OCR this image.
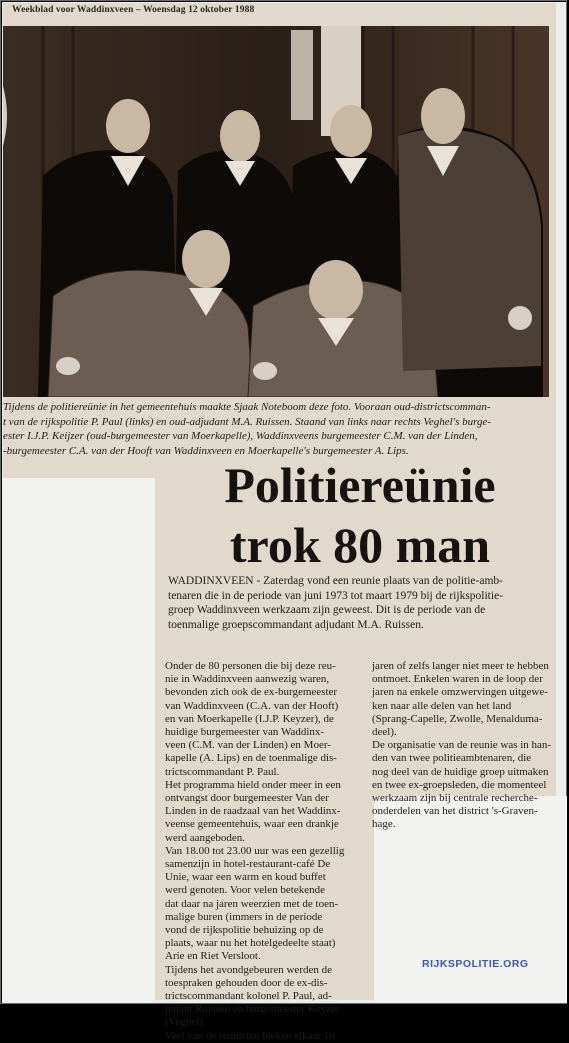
Weekblad voor Waddinxveen – Woensdag 12 oktober 1988
Tijdens de politiereünie in het gemeentehuis maakte Sjaak Noteboom deze foto. Vooraan oud-districtscomman-
t van de rijkspolitie P. Paul (links) en oud-adjudant M.A. Ruissen. Staand van links naar rechts Veghel's burge-
ester I.J.P. Keijzer (oud-burgemeester van Moerkapelle), Waddinxveens burgemeester C.M. van der Linden,
-burgemeester C.A. van der Hooft van Waddinxveen en Moerkapelle's burgemeester A. Lips.
Politiereünie
trok 80 man
WADDINXVEEN - Zaterdag vond een reunie plaats van de politie-amb-
tenaren die in de periode van juni 1973 tot maart 1979 bij de rijkspolitie-
groep Waddinxveen werkzaam zijn geweest. Dit is de periode van de
toenmalige groepscommandant adjudant M.A. Ruissen.
Onder de 80 personen die bij deze reu-
nie in Waddinxveen aanwezig waren,
bevonden zich ook de ex-burgemeester
van Waddinxveen (C.A. van der Hooft)
en van Moerkapelle (I.J.P. Keyzer), de
huidige burgemeester van Waddinx-
veen (C.M. van der Linden) en Moer-
kapelle (A. Lips) en de toenmalige dis-
trictscommandant P. Paul.
Het programma hield onder meer in een
ontvangst door burgemeester Van der
Linden in de raadzaal van het Waddinx-
veense gemeentehuis, waar een drankje
werd aangeboden.
Van 18.00 tot 23.00 uur was een gezellig
samenzijn in hotel-restaurant-café De
Unie, waar een warm en koud buffet
werd genoten. Voor velen betekende
dat daar na jaren weerzien met de toen-
malige buren (immers in de periode
vond de rijkspolitie behuizing op de
plaats, waar nu het hotelgedeelte staat)
Arie en Riet Versloot.
Tijdens het avondgebeuren werden de
toespraken gehouden door de ex-dis-
trictscommandant kolonel P. Paul, ad-
judant Ruissen en burgemeester Keyzer
(Veghel).
Veel van de reunisten bleken elkaar 10
jaren of zelfs langer niet meer te hebben
ontmoet. Enkelen waren in de loop der
jaren na enkele omzwervingen uitgewe-
ken naar alle delen van het land
(Sprang-Capelle, Zwolle, Menalduma-
deel).
De organisatie van de reunie was in han-
den van twee politieambtenaren, die
nog deel van de huidige groep uitmaken
en twee ex-groepsleden, die momenteel
werkzaam zijn bij centrale recherche-
onderdelen van het district 's-Graven-
hage.
RIJKSPOLITIE.ORG
